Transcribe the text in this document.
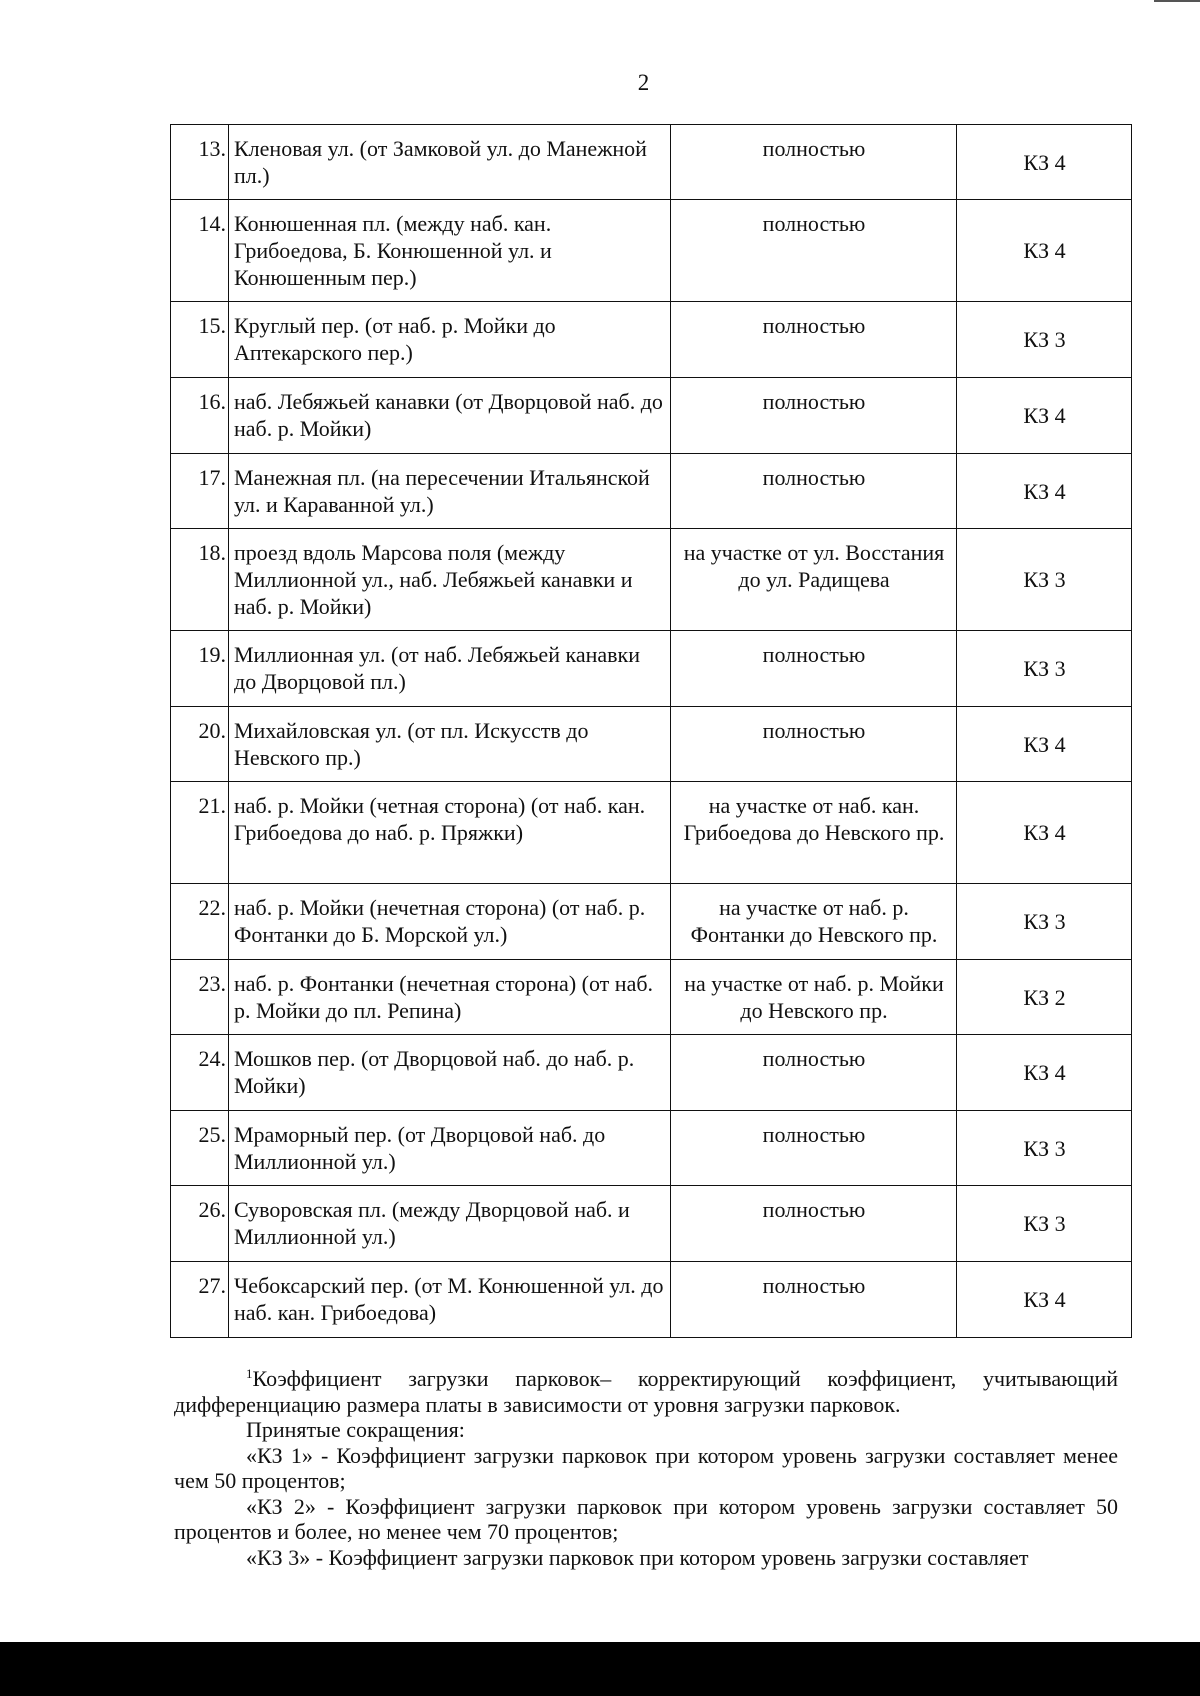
2
13.	Кленовая ул. (от Замковой ул. до Манежной пл.)	полностью	КЗ 4
14.	Конюшенная пл. (между наб. кан. Грибоедова, Б. Конюшенной ул. и Конюшенным пер.)	полностью	КЗ 4
15.	Круглый пер. (от наб. р. Мойки до Аптекарского пер.)	полностью	КЗ 3
16.	наб. Лебяжьей канавки (от Дворцовой наб. до наб. р. Мойки)	полностью	КЗ 4
17.	Манежная пл. (на пересечении Итальянской ул. и Караванной ул.)	полностью	КЗ 4
18.	проезд вдоль Марсова поля (между Миллионной ул., наб. Лебяжьей канавки и наб. р. Мойки)	на участке от ул. Восстания до ул. Радищева	КЗ 3
19.	Миллионная ул. (от наб. Лебяжьей канавки до Дворцовой пл.)	полностью	КЗ 3
20.	Михайловская ул. (от пл. Искусств до Невского пр.)	полностью	КЗ 4
21.	наб. р. Мойки (четная сторона) (от наб. кан. Грибоедова до наб. р. Пряжки)	на участке от наб. кан. Грибоедова до Невского пр.	КЗ 4
22.	наб. р. Мойки (нечетная сторона) (от наб. р. Фонтанки до Б. Морской ул.)	на участке от наб. р. Фонтанки до Невского пр.	КЗ 3
23.	наб. р. Фонтанки (нечетная сторона) (от наб. р. Мойки до пл. Репина)	на участке от наб. р. Мойки до Невского пр.	КЗ 2
24.	Мошков пер. (от Дворцовой наб. до наб. р. Мойки)	полностью	КЗ 4
25.	Мраморный пер. (от Дворцовой наб. до Миллионной ул.)	полностью	КЗ 3
26.	Суворовская пл. (между Дворцовой наб. и Миллионной ул.)	полностью	КЗ 3
27.	Чебоксарский пер. (от М. Конюшенной ул. до наб. кан. Грибоедова)	полностью	КЗ 4

$^1$Коэффициент загрузки парковок– корректирующий коэффициент, учитывающий дифференциацию размера платы в зависимости от уровня загрузки парковок.

Принятые сокращения:

«КЗ 1» - Коэффициент загрузки парковок при котором уровень загрузки составляет менее чем 50 процентов;

«КЗ 2» - Коэффициент загрузки парковок при котором уровень загрузки составляет 50 процентов и более, но менее чем 70 процентов;

«КЗ 3» - Коэффициент загрузки парковок при котором уровень загрузки составляет
